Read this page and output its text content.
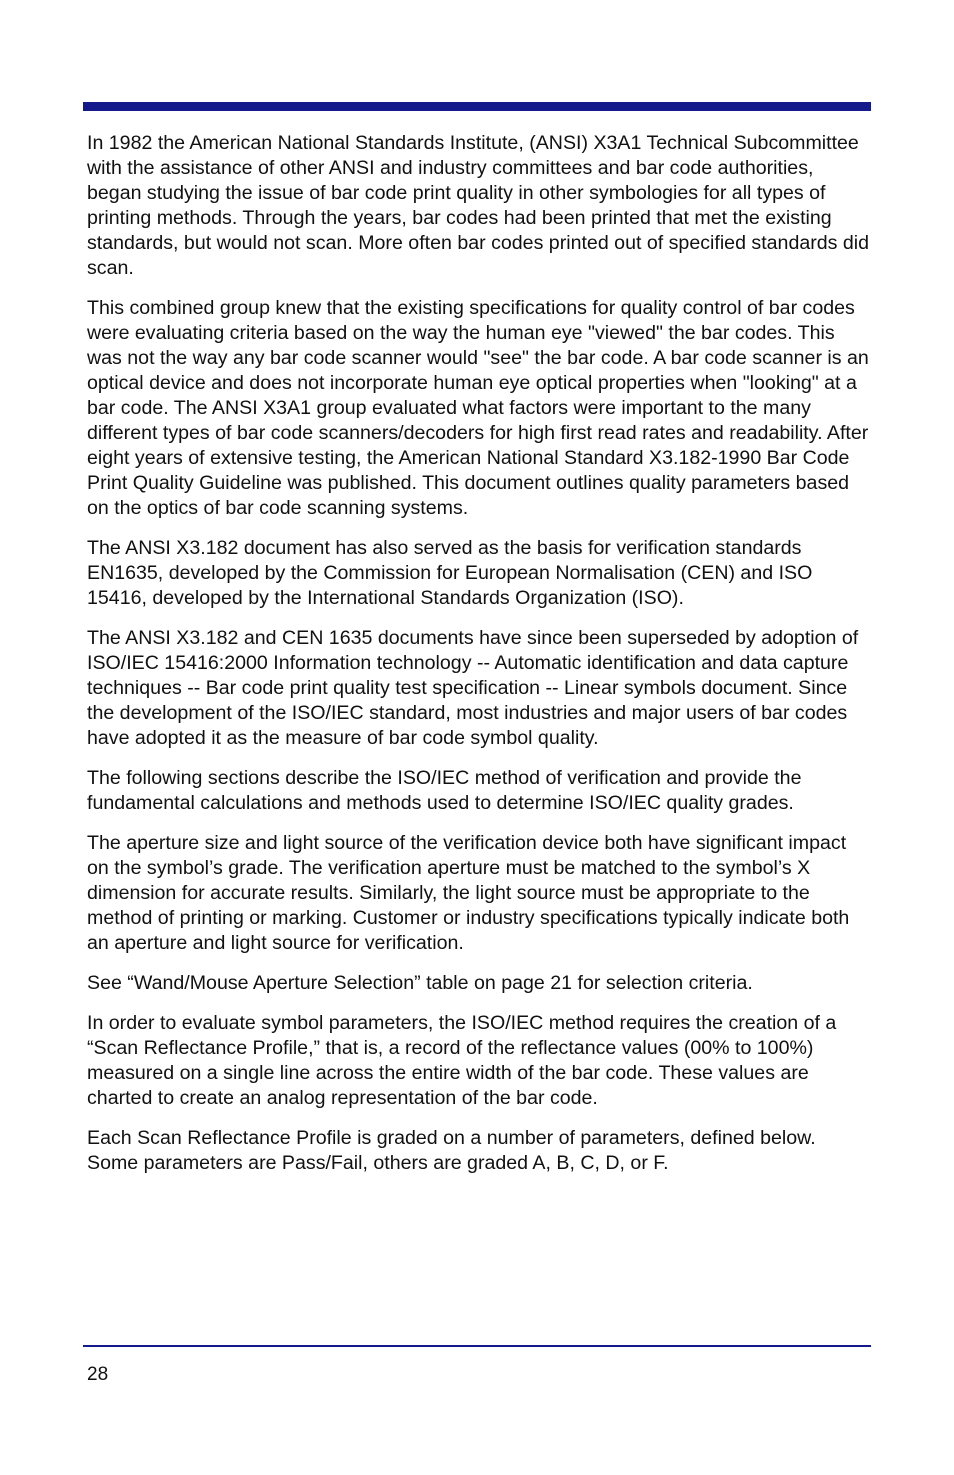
In 1982 the American National Standards Institute, (ANSI) X3A1 Technical Subcommittee with the assistance of other ANSI and industry committees and bar code authorities, began studying the issue of bar code print quality in other symbologies for all types of printing methods. Through the years, bar codes had been printed that met the existing standards, but would not scan. More often bar codes printed out of specified standards did scan.

This combined group knew that the existing specifications for quality control of bar codes were evaluating criteria based on the way the human eye "viewed" the bar codes. This was not the way any bar code scanner would "see" the bar code. A bar code scanner is an optical device and does not incorporate human eye optical properties when "looking" at a bar code. The ANSI X3A1 group evaluated what factors were important to the many different types of bar code scanners/decoders for high first read rates and readability. After eight years of extensive testing, the American National Standard X3.182-1990 Bar Code Print Quality Guideline was published. This document outlines quality parameters based on the optics of bar code scanning systems.

The ANSI X3.182 document has also served as the basis for verification standards EN1635, developed by the Commission for European Normalisation (CEN) and ISO 15416, developed by the International Standards Organization (ISO).

The ANSI X3.182 and CEN 1635 documents have since been superseded by adoption of ISO/IEC 15416:2000 Information technology -- Automatic identification and data capture techniques -- Bar code print quality test specification -- Linear symbols document. Since the development of the ISO/IEC standard, most industries and major users of bar codes have adopted it as the measure of bar code symbol quality.

The following sections describe the ISO/IEC method of verification and provide the fundamental calculations and methods used to determine ISO/IEC quality grades.

The aperture size and light source of the verification device both have significant impact on the symbol’s grade. The verification aperture must be matched to the symbol’s X dimension for accurate results. Similarly, the light source must be appropriate to the method of printing or marking. Customer or industry specifications typically indicate both an aperture and light source for verification.

See “Wand/Mouse Aperture Selection” table on page 21 for selection criteria.

In order to evaluate symbol parameters, the ISO/IEC method requires the creation of a “Scan Reflectance Profile,” that is, a record of the reflectance values (00% to 100%) measured on a single line across the entire width of the bar code. These values are charted to create an analog representation of the bar code.

Each Scan Reflectance Profile is graded on a number of parameters, defined below. Some parameters are Pass/Fail, others are graded A, B, C, D, or F.

28
